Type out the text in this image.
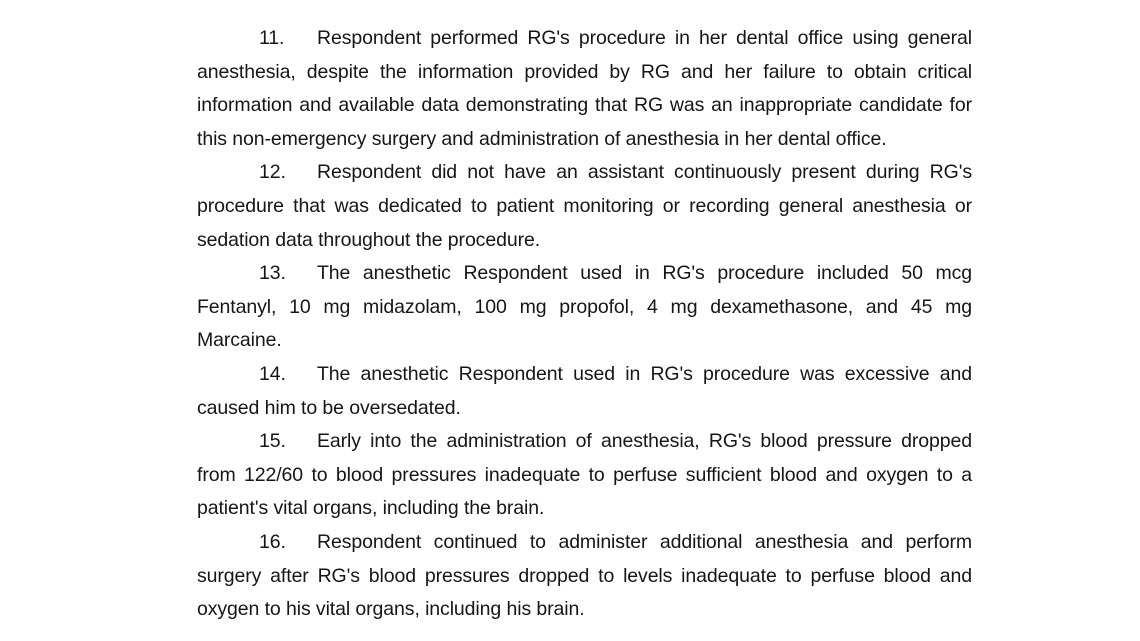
11. Respondent performed RG's procedure in her dental office using general anesthesia, despite the information provided by RG and her failure to obtain critical information and available data demonstrating that RG was an inappropriate candidate for this non-emergency surgery and administration of anesthesia in her dental office.

12. Respondent did not have an assistant continuously present during RG's procedure that was dedicated to patient monitoring or recording general anesthesia or sedation data throughout the procedure.

13. The anesthetic Respondent used in RG's procedure included 50 mcg Fentanyl, 10 mg midazolam, 100 mg propofol, 4 mg dexamethasone, and 45 mg Marcaine.

14. The anesthetic Respondent used in RG's procedure was excessive and caused him to be oversedated.

15. Early into the administration of anesthesia, RG's blood pressure dropped from 122/60 to blood pressures inadequate to perfuse sufficient blood and oxygen to a patient's vital organs, including the brain.

16. Respondent continued to administer additional anesthesia and perform surgery after RG's blood pressures dropped to levels inadequate to perfuse blood and oxygen to his vital organs, including his brain.
